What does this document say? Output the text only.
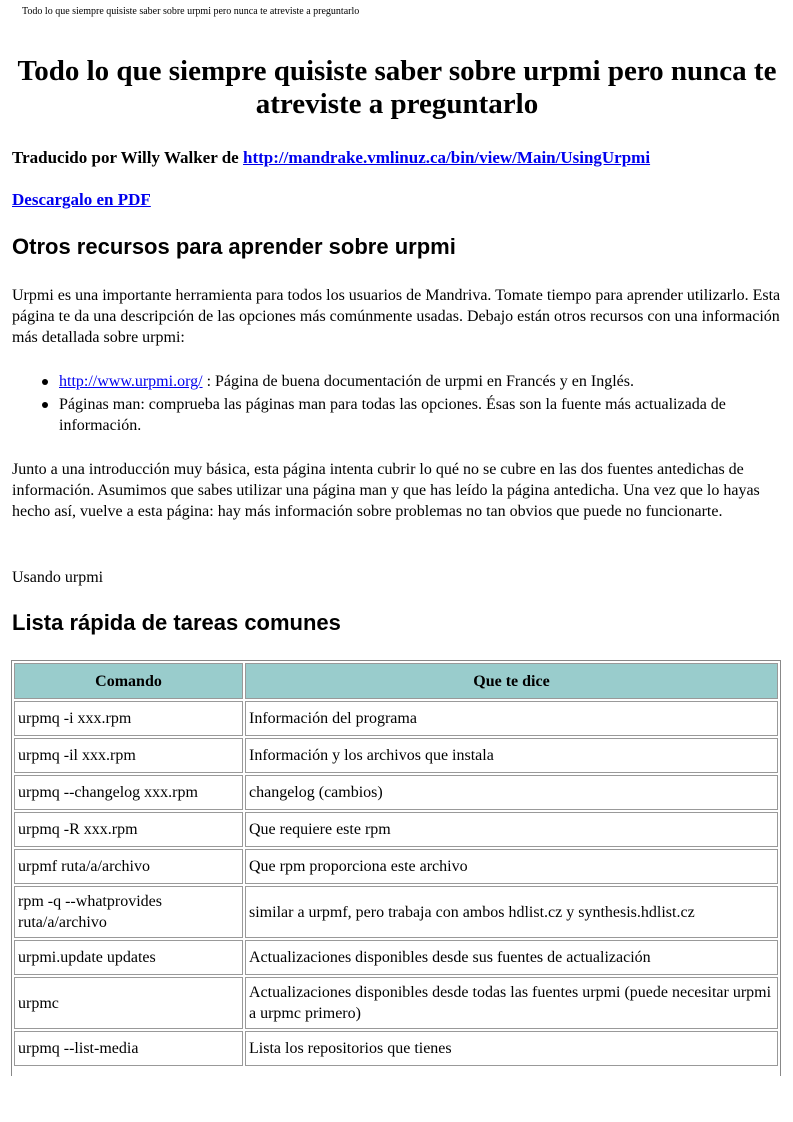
Todo lo que siempre quisiste saber sobre urpmi pero nunca te atreviste a preguntarlo
Todo lo que siempre quisiste saber sobre urpmi pero nunca te atreviste a preguntarlo
Traducido por Willy Walker de http://mandrake.vmlinuz.ca/bin/view/Main/UsingUrpmi
Descargalo en PDF
Otros recursos para aprender sobre urpmi

Urpmi es una importante herramienta para todos los usuarios de Mandriva. Tomate tiempo para aprender utilizarlo. Esta página te da una descripción de las opciones más comúnmente usadas. Debajo están otros recursos con una información más detallada sobre urpmi:

http://www.urpmi.org/ : Página de buena documentación de urpmi en Francés y en Inglés.
Páginas man: comprueba las páginas man para todas las opciones. Ésas son la fuente más actualizada de información.

Junto a una introducción muy básica, esta página intenta cubrir lo qué no se cubre en las dos fuentes antedichas de información. Asumimos que sabes utilizar una página man y que has leído la página antedicha. Una vez que lo hayas hecho así, vuelve a esta página: hay más información sobre problemas no tan obvios que puede no funcionarte.

Usando urpmi

Lista rápida de tareas comunes
Comando	Que te dice
urpmq -i xxx.rpm	Información del programa
urpmq -il xxx.rpm	Información y los archivos que instala
urpmq --changelog xxx.rpm	changelog (cambios)
urpmq -R xxx.rpm	Que requiere este rpm
urpmf ruta/a/archivo	Que rpm proporciona este archivo
rpm -q --whatprovides ruta/a/archivo	similar a urpmf, pero trabaja con ambos hdlist.cz y synthesis.hdlist.cz
urpmi.update updates	Actualizaciones disponibles desde sus fuentes de actualización
urpmc	Actualizaciones disponibles desde todas las fuentes urpmi (puede necesitar urpmi a urpmc primero)
urpmq --list-media	Lista los repositorios que tienes
